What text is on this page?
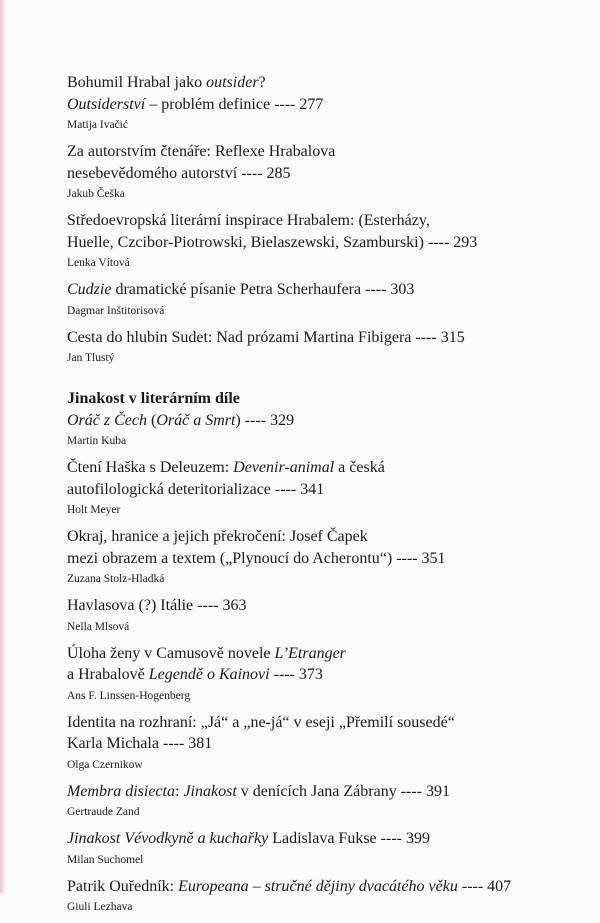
Bohumil Hrabal jako outsider?
Outsiderství – problém definice ---- 277
Matija Ivačić
Za autorstvím čtenáře: Reflexe Hrabalova
nesebevědomého autorství ---- 285
Jakub Češka
Středoevropská literární inspirace Hrabalem: (Esterházy,
Huelle, Czcibor-Piotrowski, Bielaszewski, Szamburski) ---- 293
Lenka Vítová
Cudzie dramatické písanie Petra Scherhaufera ---- 303
Dagmar Inštitorisová
Cesta do hlubin Sudet: Nad prózami Martina Fibigera ---- 315
Jan Tlustý
Jinakost v literárním díle
Oráč z Čech (Oráč a Smrt) ---- 329
Martin Kuba
Čtení Haška s Deleuzem: Devenir-animal a česká
autofilologická deteritorializace ---- 341
Holt Meyer
Okraj, hranice a jejich překročení: Josef Čapek
mezi obrazem a textem („Plynoucí do Acherontu“) ---- 351
Zuzana Stolz-Hladká
Havlasova (?) Itálie ---- 363
Nella Mlsová
Úloha ženy v Camusově novele L’Etranger
a Hrabalově Legendě o Kainovi ---- 373
Ans F. Linssen-Hogenberg
Identita na rozhraní: „Já“ a „ne-já“ v eseji „Přemilí sousedé“
Karla Michala ---- 381
Olga Czernikow
Membra disiecta: Jinakost v denících Jana Zábrany ---- 391
Gertraude Zand
Jinakost Vévodkyně a kuchařky Ladislava Fukse ---- 399
Milan Suchomel
Patrik Ouředník: Europeana – stručné dějiny dvacátého věku ---- 407
Giuli Lezhava
